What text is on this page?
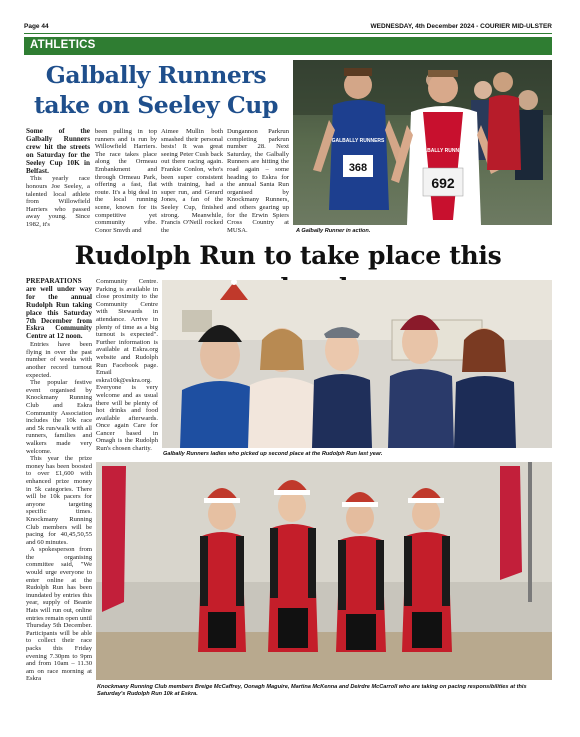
Page 44	WEDNESDAY, 4th December 2024 - COURIER MID-ULSTER
ATHLETICS
Galbally Runners take on Seeley Cup

Some of the Galbally Runners crew hit the streets on Saturday for the Seeley Cup 10K in Belfast.

This yearly race honours Joe Seeley, a talented local athlete from Willowfield Harriers who passed away young. Since 1982, it's

been pulling in top runners and is run by Willowfield Harriers. The race takes place along the Ormeau Embankment and through Ormeau Park, offering a fast, flat route. It's a big deal in the local running scene, known for its competitive yet community vibe. Conor Smyth and

Aimee Mullin both smashed their personal bests! It was great seeing Peter Cush back out there racing again. Frankie Conlon, who's been super consistent with training, had a super run, and Gerard Jones, a fan of the Seeley Cup, finished strong. Meanwhile, Francis O'Neill rocked the

Dungannon Parkrun completing parkrun number 28. Next Saturday, the Galbally Runners are hitting the road again – some heading to Eskra for the annual Santa Run organised by Knockmany Runners, and others gearing up for the Erwin Spiers Cross Country at MUSA.

368
GALBALLY RUNNERS
692
GALBALLY RUNNERS
A Galbally Runner in action.
Rudolph Run to take place this

PREPARATIONS are well under way for the annual Rudolph Run taking place this Saturday 7th December from Eskra Community Centre at 12 noon.

Entries have been flying in over the past number of weeks with another record turnout expected.

The popular festive event organised by Knockmany Running Club and Eskra Community Association includes the 10k race and 5k run/walk with all runners, families and walkers made very welcome.

This year the prize money has been boosted to over £1,600 with enhanced prize money in 5k categories. There will be 10k pacers for anyone targeting specific times. Knockmany Running Club members will be pacing for 40,45,50,55 and 60 minutes.

A spokesperson from the organising committee said, "We would urge everyone to enter online at the Rudolph Run has been inundated by entries this year, supply of Beanie Hats will run out, online entries remain open until Thursday 5th December. Participants will be able to collect their race packs this Friday evening 7.30pm to 9pm and from 10am – 11.30 am on race morning at Eskra

Community Centre. Parking is available in close proximity to the Community Centre with Stewards in attendance. Arrive in plenty of time as a big turnout is expected". Further information is available at Eskra.org website and Rudolph Run Facebook page. Email eskra10k@eskra.org. Everyone is very welcome and as usual there will be plenty of hot drinks and food available afterwards. Once again Care for Cancer based in Omagh is the Rudolph Run's chosen charity.

Galbally Runners ladies who picked up second place at the Rudolph Run last year.
Knockmany Running Club members Breige McCaffrey, Oonagh Maguire, Martina McKenna and Deirdre McCarroll who are taking on pacing responsibilities at this Saturday's Rudolph Run 10k at Eskra.
